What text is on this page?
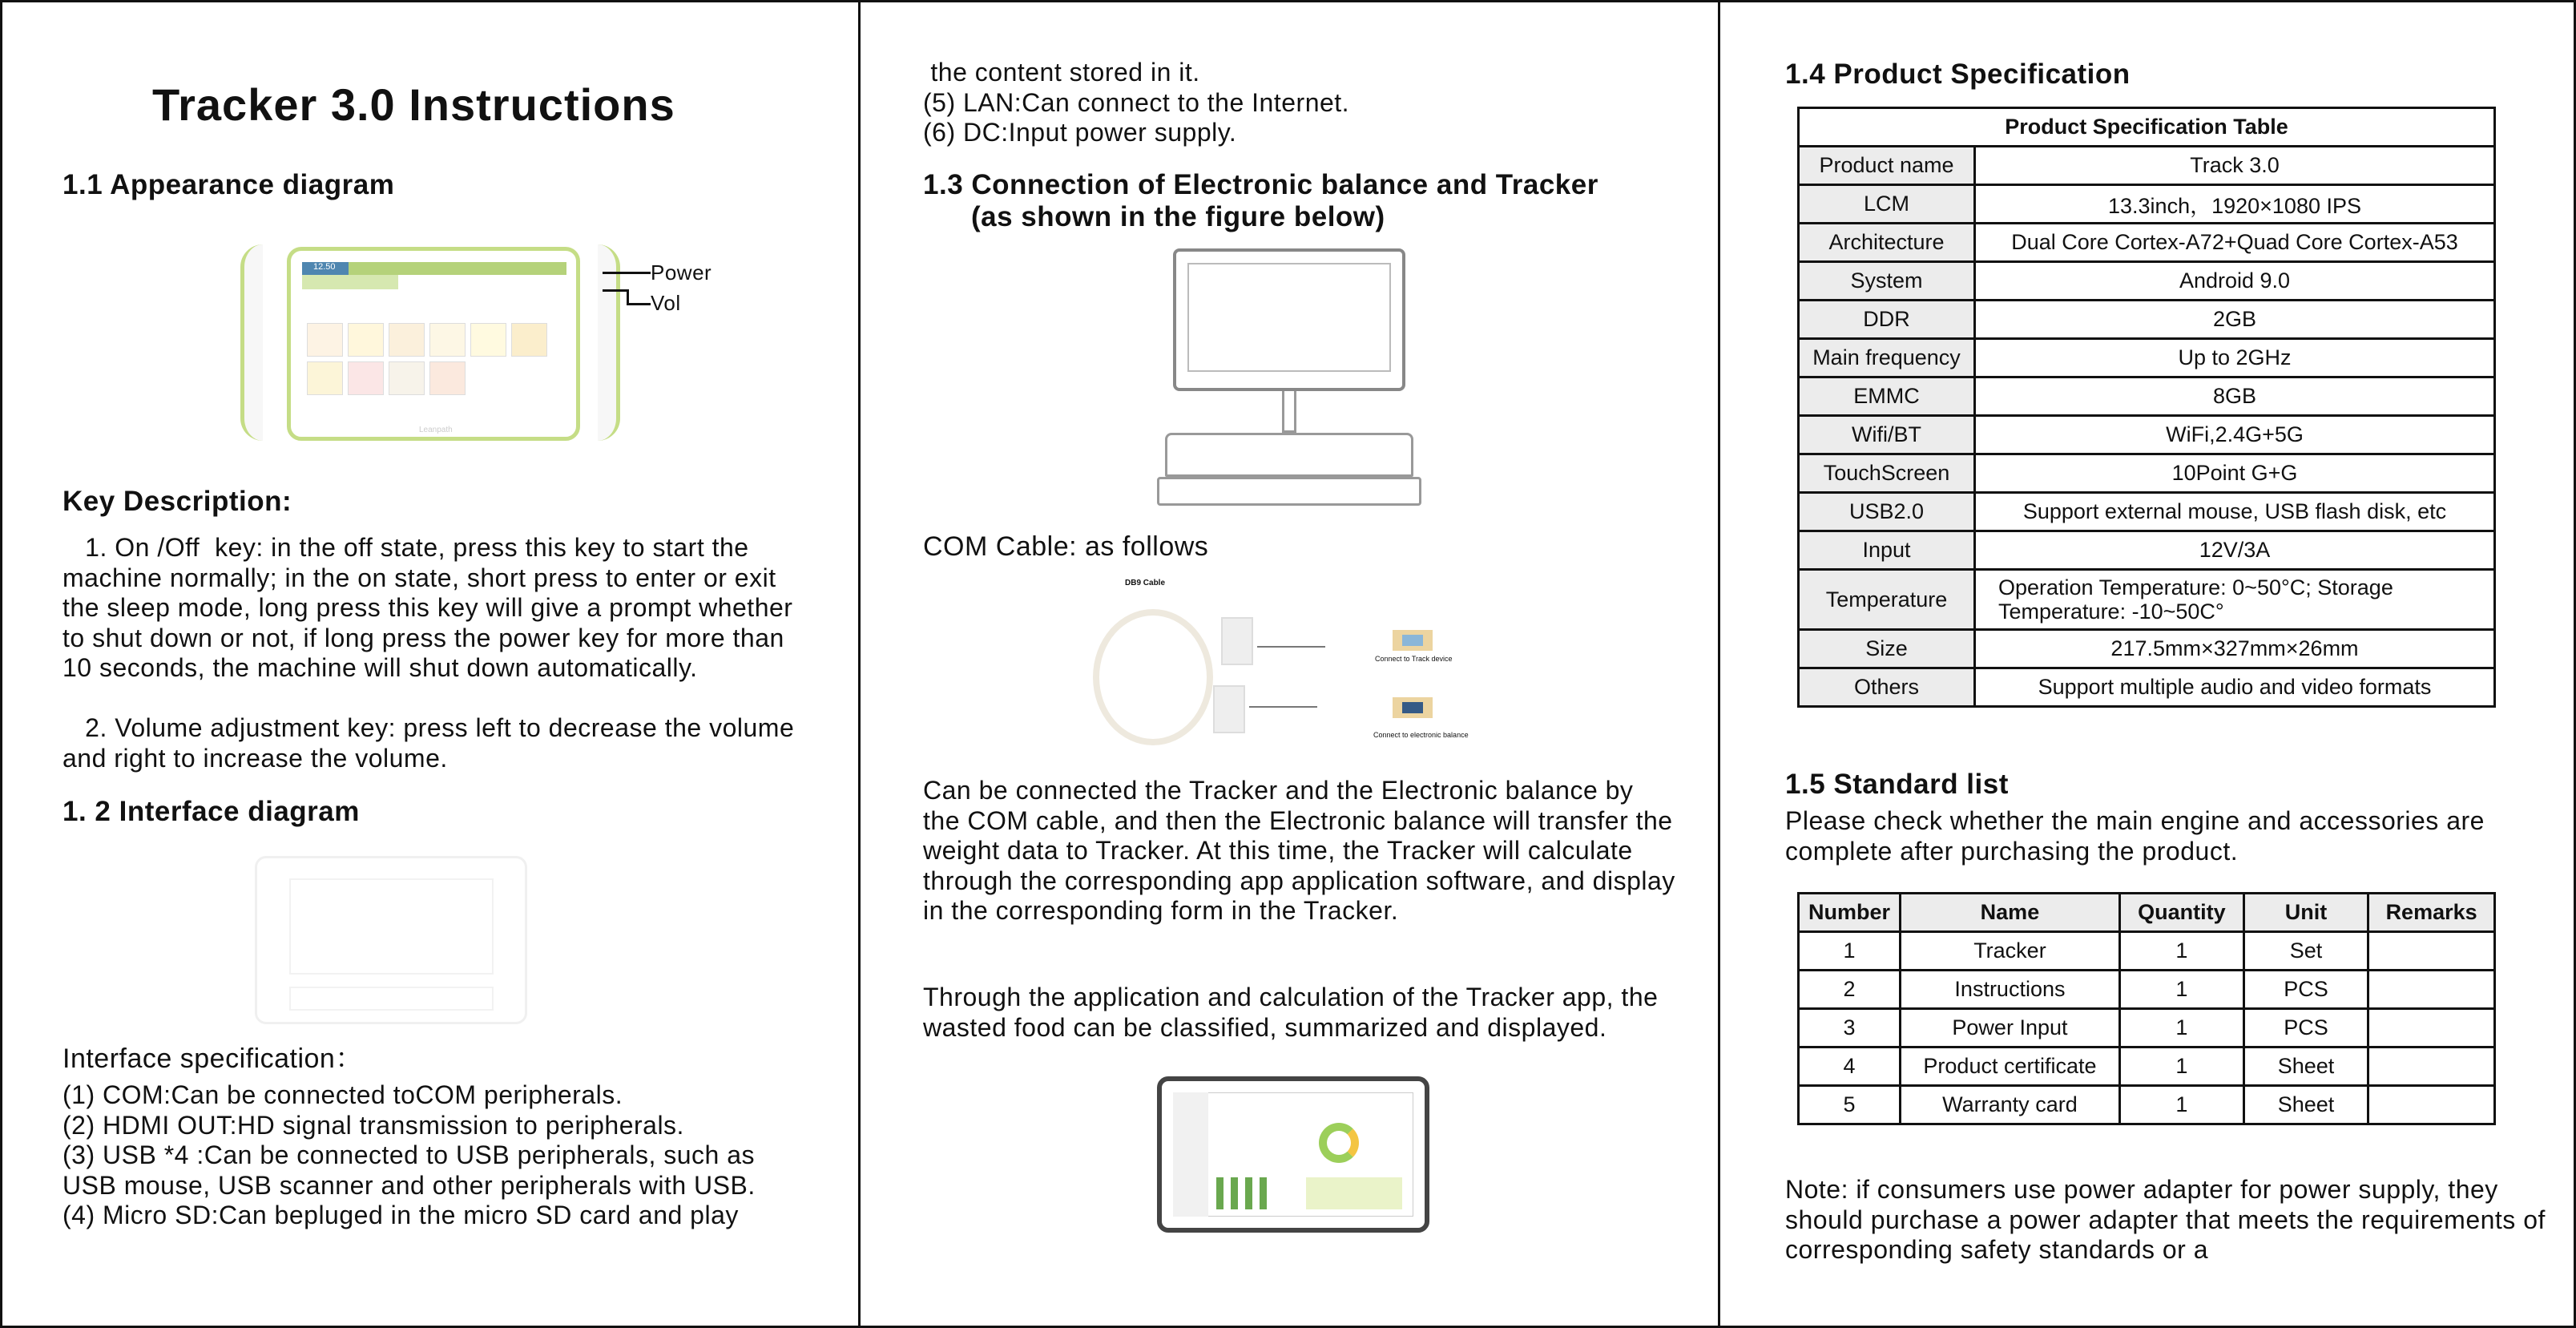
Tracker 3.0 Instructions
1.1 Appearance diagram
12.50
Leanpath
Power
Vol
Key Description:
1. On /Off  key: in the off state, press this key to start the machine normally; in the on state, short press to enter or exit the sleep mode, long press this key will give a prompt whether to shut down or not, if long press the power key for more than 10 seconds, the machine will shut down automatically.
2. Volume adjustment key: press left to decrease the volume and right to increase the volume.
1. 2 Interface diagram
Interface specification：
(1) COM:Can be connected toCOM peripherals.
(2) HDMI OUT:HD signal transmission to peripherals.
(3) USB *4 :Can be connected to USB peripherals, such as USB mouse, USB scanner and other peripherals with USB.
(4) Micro SD:Can bepluged in the micro SD card and play
the content stored in it.
(5) LAN:Can connect to the Internet.
(6) DC:Input power supply.
1.3 Connection of Electronic balance and Tracker
(as shown in the figure below)
COM Cable: as follows
DB9 Cable
Connect to Track device
Connect to electronic balance
Can be connected the Tracker and the Electronic balance by the COM cable, and then the Electronic balance will transfer the weight data to Tracker. At this time, the Tracker will calculate through the corresponding app application software, and display in the corresponding form in the Tracker.
Through the application and calculation of the Tracker app, the wasted food can be classified, summarized and displayed.
1.4 Product Specification
Product Specification Table	
Product name	Track 3.0
LCM	13.3inch，1920×1080 IPS
Architecture	Dual Core Cortex-A72+Quad Core Cortex-A53
System	Android 9.0
DDR	2GB
Main frequency	Up to 2GHz
EMMC	8GB
Wifi/BT	WiFi,2.4G+5G
TouchScreen	10Point G+G
USB2.0	Support external mouse, USB flash disk, etc
Input	12V/3A
Temperature	Operation Temperature: 0~50°C; Storage Temperature: -10~50C°
Size	217.5mm×327mm×26mm
Others	Support multiple audio and video formats
1.5 Standard list
Please check whether the main engine and accessories are complete after purchasing the product.
Number	Name	Quantity	Unit	Remarks
1	Tracker	1	Set	
2	Instructions	1	PCS	
3	Power Input	1	PCS	
4	Product certificate	1	Sheet	
5	Warranty card	1	Sheet	
Note: if consumers use power adapter for power supply, they should purchase a power adapter that meets the requirements of corresponding safety standards or a
